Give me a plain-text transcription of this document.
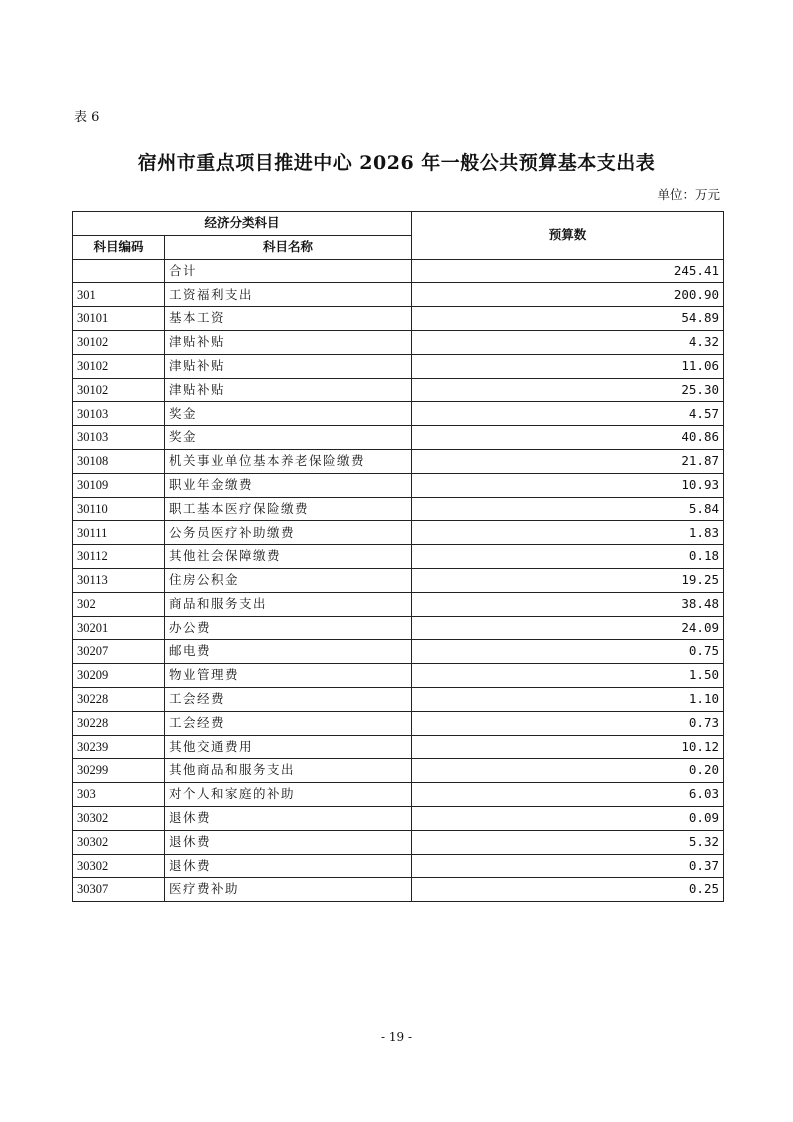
表 6
宿州市重点项目推进中心 2026 年一般公共预算基本支出表
单位：万元
经济分类科目		预算数
科目编码	科目名称	
	合计	245.41
301	工资福利支出	200.90
30101	基本工资	54.89
30102	津贴补贴	4.32
30102	津贴补贴	11.06
30102	津贴补贴	25.30
30103	奖金	4.57
30103	奖金	40.86
30108	机关事业单位基本养老保险缴费	21.87
30109	职业年金缴费	10.93
30110	职工基本医疗保险缴费	5.84
30111	公务员医疗补助缴费	1.83
30112	其他社会保障缴费	0.18
30113	住房公积金	19.25
302	商品和服务支出	38.48
30201	办公费	24.09
30207	邮电费	0.75
30209	物业管理费	1.50
30228	工会经费	1.10
30228	工会经费	0.73
30239	其他交通费用	10.12
30299	其他商品和服务支出	0.20
303	对个人和家庭的补助	6.03
30302	退休费	0.09
30302	退休费	5.32
30302	退休费	0.37
30307	医疗费补助	0.25
- 19 -
